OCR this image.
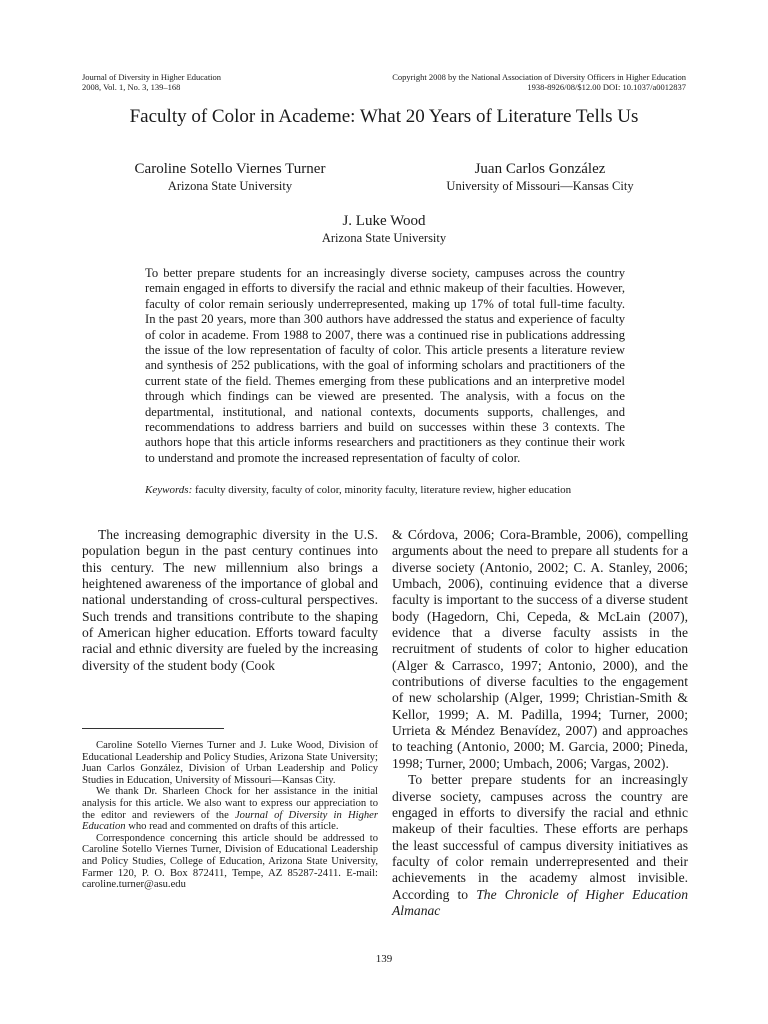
Journal of Diversity in Higher Education
2008, Vol. 1, No. 3, 139–168
Copyright 2008 by the National Association of Diversity Officers in Higher Education
1938-8926/08/$12.00 DOI: 10.1037/a0012837
Faculty of Color in Academe: What 20 Years of Literature Tells Us
Caroline Sotello Viernes Turner
Arizona State University
Juan Carlos González
University of Missouri—Kansas City
J. Luke Wood
Arizona State University

To better prepare students for an increasingly diverse society, campuses across the country remain engaged in efforts to diversify the racial and ethnic makeup of their faculties. However, faculty of color remain seriously underrepresented, making up 17% of total full-time faculty. In the past 20 years, more than 300 authors have addressed the status and experience of faculty of color in academe. From 1988 to 2007, there was a continued rise in publications addressing the issue of the low representation of faculty of color. This article presents a literature review and synthesis of 252 publications, with the goal of informing scholars and practitioners of the current state of the field. Themes emerging from these publications and an interpretive model through which findings can be viewed are presented. The analysis, with a focus on the departmental, institutional, and national contexts, documents supports, challenges, and recommendations to address barriers and build on successes within these 3 contexts. The authors hope that this article informs researchers and practitioners as they continue their work to understand and promote the increased representation of faculty of color.

Keywords: faculty diversity, faculty of color, minority faculty, literature review, higher education

The increasing demographic diversity in the U.S. population begun in the past century continues into this century. The new millennium also brings a heightened awareness of the importance of global and national understanding of cross-cultural perspectives. Such trends and transitions contribute to the shaping of American higher education. Efforts toward faculty racial and ethnic diversity are fueled by the increasing diversity of the student body (Cook

Caroline Sotello Viernes Turner and J. Luke Wood, Division of Educational Leadership and Policy Studies, Arizona State University; Juan Carlos González, Division of Urban Leadership and Policy Studies in Education, University of Missouri—Kansas City.

We thank Dr. Sharleen Chock for her assistance in the initial analysis for this article. We also want to express our appreciation to the editor and reviewers of the Journal of Diversity in Higher Education who read and commented on drafts of this article.

Correspondence concerning this article should be addressed to Caroline Sotello Viernes Turner, Division of Educational Leadership and Policy Studies, College of Education, Arizona State University, Farmer 120, P. O. Box 872411, Tempe, AZ 85287-2411. E-mail: caroline.turner@asu.edu

& Córdova, 2006; Cora-Bramble, 2006), compelling arguments about the need to prepare all students for a diverse society (Antonio, 2002; C. A. Stanley, 2006; Umbach, 2006), continuing evidence that a diverse faculty is important to the success of a diverse student body (Hagedorn, Chi, Cepeda, & McLain (2007), evidence that a diverse faculty assists in the recruitment of students of color to higher education (Alger & Carrasco, 1997; Antonio, 2000), and the contributions of diverse faculties to the engagement of new scholarship (Alger, 1999; Christian-Smith & Kellor, 1999; A. M. Padilla, 1994; Turner, 2000; Urrieta & Méndez Benavídez, 2007) and approaches to teaching (Antonio, 2000; M. Garcia, 2000; Pineda, 1998; Turner, 2000; Umbach, 2006; Vargas, 2002).

To better prepare students for an increasingly diverse society, campuses across the country are engaged in efforts to diversify the racial and ethnic makeup of their faculties. These efforts are perhaps the least successful of campus diversity initiatives as faculty of color remain underrepresented and their achievements in the academy almost invisible. According to The Chronicle of Higher Education Almanac

139
